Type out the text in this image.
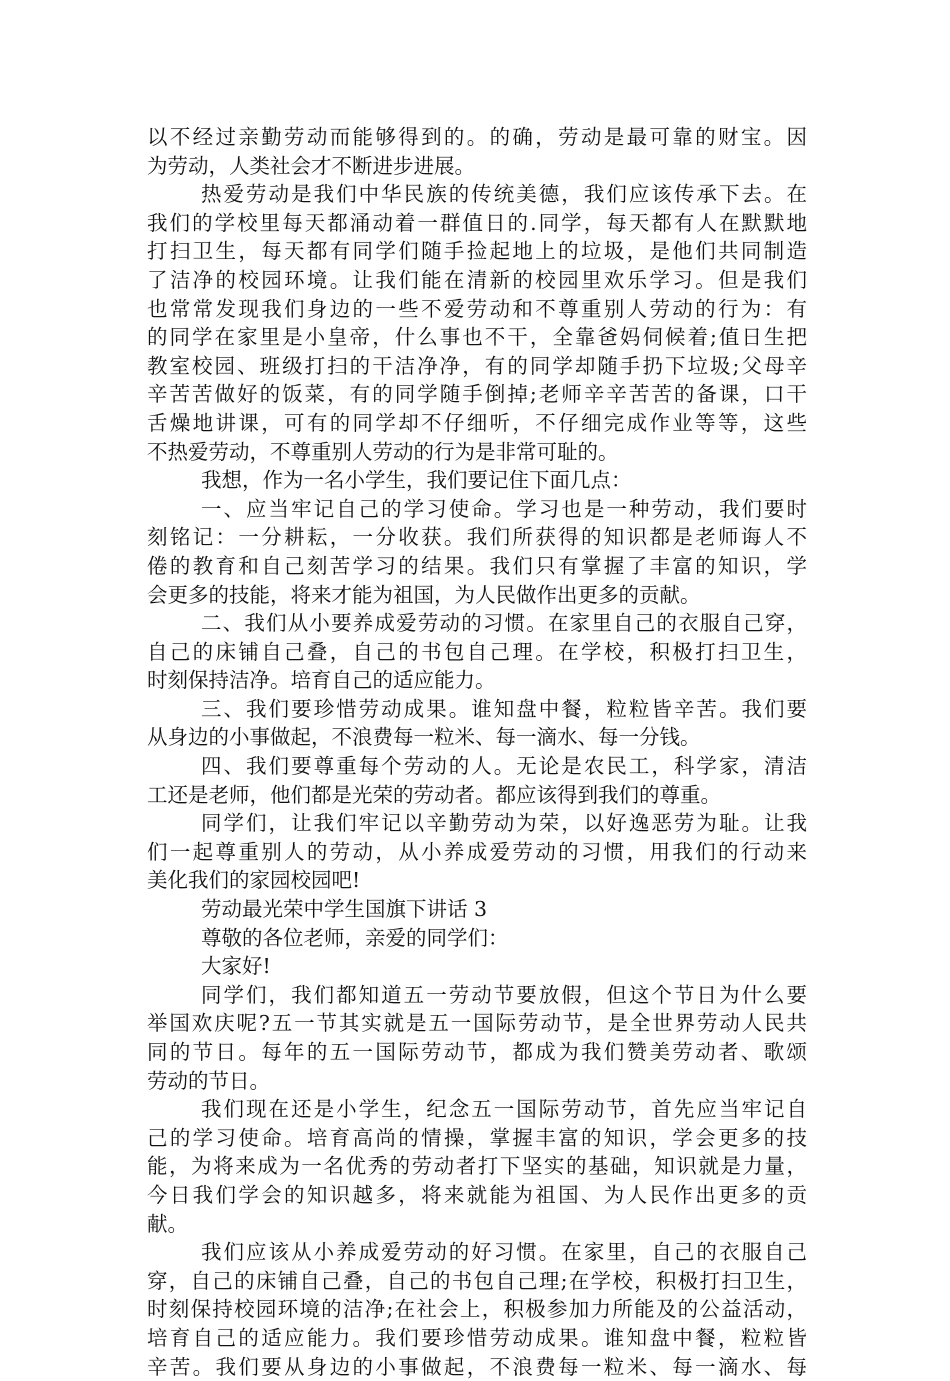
以不经过亲勤劳动而能够得到的。的确，劳动是最可靠的财宝。因
为劳动，人类社会才不断进步进展。
热爱劳动是我们中华民族的传统美德，我们应该传承下去。在
我们的学校里每天都涌动着一群值日的.同学，每天都有人在默默地
打扫卫生，每天都有同学们随手捡起地上的垃圾，是他们共同制造
了洁净的校园环境。让我们能在清新的校园里欢乐学习。但是我们
也常常发现我们身边的一些不爱劳动和不尊重别人劳动的行为：有
的同学在家里是小皇帝，什么事也不干，全靠爸妈伺候着;值日生把
教室校园、班级打扫的干洁净净，有的同学却随手扔下垃圾;父母辛
辛苦苦做好的饭菜，有的同学随手倒掉;老师辛辛苦苦的备课，口干
舌燥地讲课，可有的同学却不仔细听，不仔细完成作业等等，这些
不热爱劳动，不尊重别人劳动的行为是非常可耻的。
我想，作为一名小学生，我们要记住下面几点：
一、应当牢记自己的学习使命。学习也是一种劳动，我们要时
刻铭记：一分耕耘，一分收获。我们所获得的知识都是老师诲人不
倦的教育和自己刻苦学习的结果。我们只有掌握了丰富的知识，学
会更多的技能，将来才能为祖国，为人民做作出更多的贡献。
二、我们从小要养成爱劳动的习惯。在家里自己的衣服自己穿，
自己的床铺自己叠，自己的书包自己理。在学校，积极打扫卫生，
时刻保持洁净。培育自己的适应能力。
三、我们要珍惜劳动成果。谁知盘中餐，粒粒皆辛苦。我们要
从身边的小事做起，不浪费每一粒米、每一滴水、每一分钱。
四、我们要尊重每个劳动的人。无论是农民工，科学家，清洁
工还是老师，他们都是光荣的劳动者。都应该得到我们的尊重。
同学们，让我们牢记以辛勤劳动为荣，以好逸恶劳为耻。让我
们一起尊重别人的劳动，从小养成爱劳动的习惯，用我们的行动来
美化我们的家园校园吧!
劳动最光荣中学生国旗下讲话 3
尊敬的各位老师，亲爱的同学们：
大家好!
同学们，我们都知道五一劳动节要放假，但这个节日为什么要
举国欢庆呢?五一节其实就是五一国际劳动节，是全世界劳动人民共
同的节日。每年的五一国际劳动节，都成为我们赞美劳动者、歌颂
劳动的节日。
我们现在还是小学生，纪念五一国际劳动节，首先应当牢记自
己的学习使命。培育高尚的情操，掌握丰富的知识，学会更多的技
能，为将来成为一名优秀的劳动者打下坚实的基础，知识就是力量，
今日我们学会的知识越多，将来就能为祖国、为人民作出更多的贡
献。
我们应该从小养成爱劳动的好习惯。在家里，自己的衣服自己
穿，自己的床铺自己叠，自己的书包自己理;在学校，积极打扫卫生，
时刻保持校园环境的洁净;在社会上，积极参加力所能及的公益活动，
培育自己的适应能力。我们要珍惜劳动成果。谁知盘中餐，粒粒皆
辛苦。我们要从身边的小事做起，不浪费每一粒米、每一滴水、每
